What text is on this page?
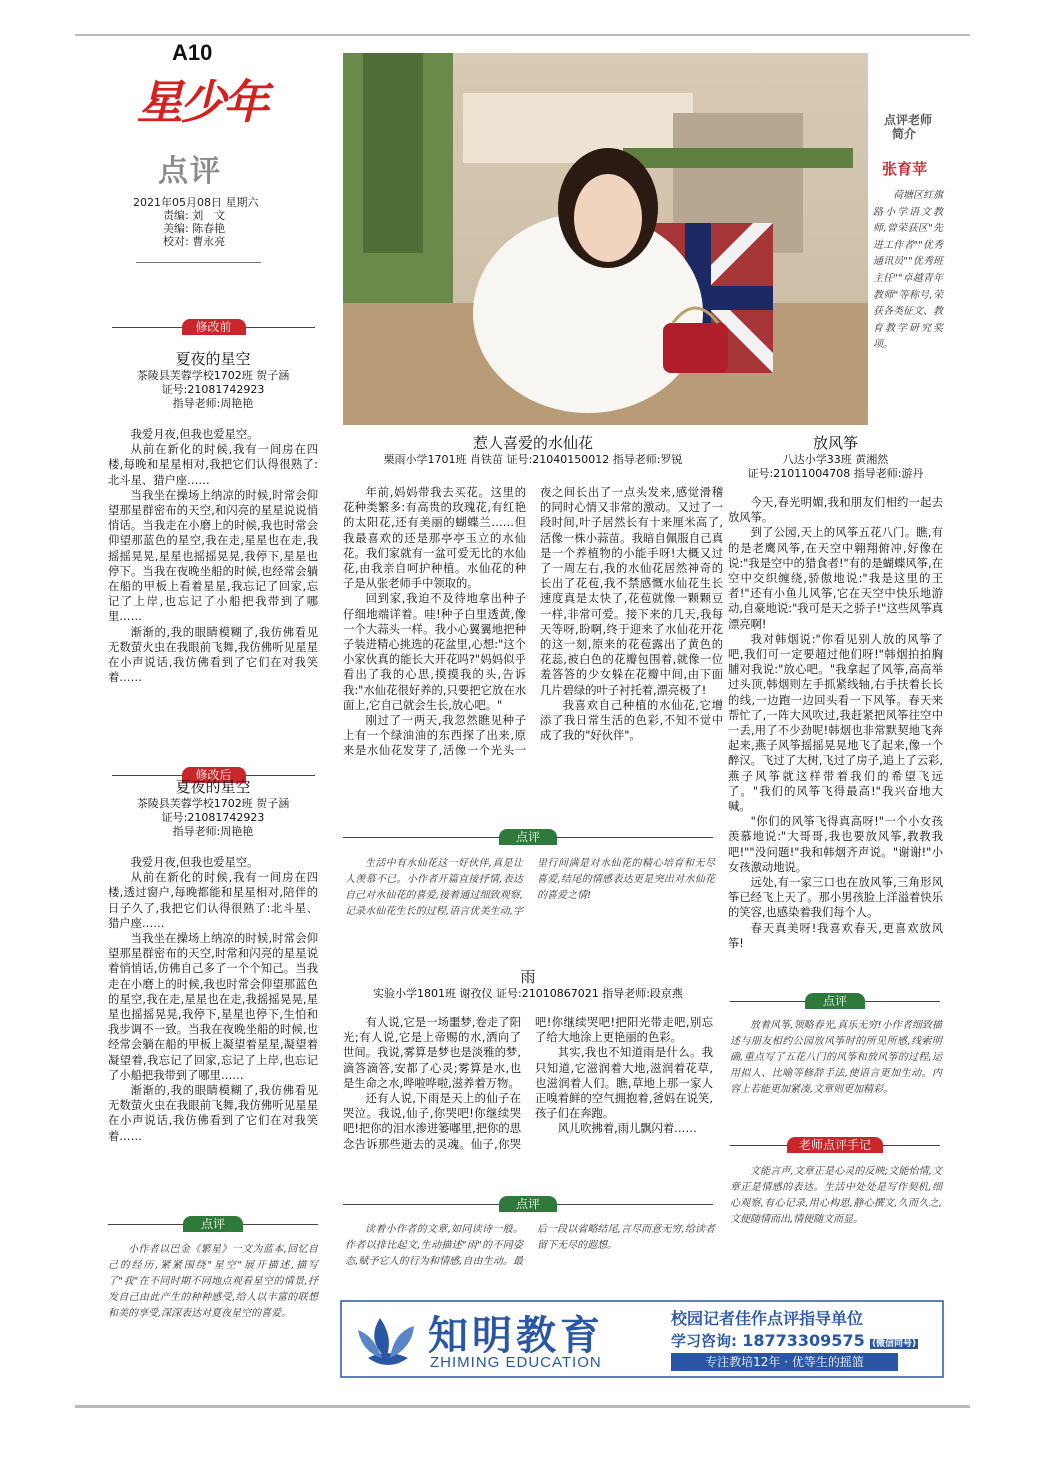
A10
星少年
点评
2021年05月08日 星期六
责编: 刘　文
美编: 陈春艳
校对: 曹永亮
修改前
夏夜的星空
茶陵县芙蓉学校1702班 贺子涵
证号:21081742923
指导老师:周艳艳

我爱月夜,但我也爱星空。

从前在新化的时候,我有一间房在四楼,每晚和星星相对,我把它们认得很熟了:北斗星、猎户座……

当我坐在操场上纳凉的时候,时常会仰望那星群密布的天空,和闪亮的星星说说悄悄话。当我走在小磨上的时候,我也时常会仰望那蓝色的星空,我在走,星星也在走,我摇摇晃晃,星星也摇摇晃晃,我停下,星星也停下。当我在夜晚坐船的时候,也经常会躺在船的甲板上看着星星,我忘记了回家,忘记了上岸,也忘记了小船把我带到了哪里……

渐渐的,我的眼睛模糊了,我仿佛看见无数萤火虫在我眼前飞舞,我仿佛听见星星在小声说话,我仿佛看到了它们在对我笑着……

修改后
夏夜的星空
茶陵县芙蓉学校1702班 贺子涵
证号:21081742923
指导老师:周艳艳

我爱月夜,但我也爱星空。

从前在新化的时候,我有一间房在四楼,透过窗户,每晚都能和星星相对,陪伴的日子久了,我把它们认得很熟了:北斗星、猎户座……

当我坐在操场上纳凉的时候,时常会仰望那星群密布的天空,时常和闪亮的星星说着悄悄话,仿佛自己多了一个个知己。当我走在小磨上的时候,我也时常会仰望那蓝色的星空,我在走,星星也在走,我摇摇晃晃,星星也摇摇晃晃,我停下,星星也停下,生怕和我步调不一致。当我在夜晚坐船的时候,也经常会躺在船的甲板上凝望着星星,凝望着凝望着,我忘记了回家,忘记了上岸,也忘记了小船把我带到了哪里……

渐渐的,我的眼睛模糊了,我仿佛看见无数萤火虫在我眼前飞舞,我仿佛听见星星在小声说话,我仿佛看到了它们在对我笑着……

点评

小作者以巴金《繁星》一文为蓝本,回忆自己的经历,紧紧围绕"星空"展开描述,描写了"我"在不同时期不同地点观看星空的情景,抒发自己由此产生的种种感受,给人以丰富的联想和美的享受,深深表达对夏夜星空的喜爱。

点评老师
简介
张育苹

荷塘区红旗路小学语文教师,曾荣获区"先进工作者""优秀通讯员""优秀班主任""卓越青年教师"等称号,荣获各类征文、教育教学研究奖项。

惹人喜爱的水仙花
栗雨小学1701班 肖铁苗 证号:21040150012 指导老师:罗锐

年前,妈妈带我去买花。这里的花种类繁多:有高贵的玫瑰花,有红艳的太阳花,还有美丽的蝴蝶兰……但我最喜欢的还是那亭亭玉立的水仙花。我们家就有一盆可爱无比的水仙花,由我亲自呵护种植。水仙花的种子是从张老师手中领取的。

回到家,我迫不及待地拿出种子仔细地端详着。哇!种子白里透黄,像一个大蒜头一样。我小心翼翼地把种子装进精心挑选的花盆里,心想:"这个小家伙真的能长大开花吗?"妈妈似乎看出了我的心思,摸摸我的头,告诉我:"水仙花很好养的,只要把它放在水面上,它自己就会生长,放心吧。"

刚过了一两天,我忽然瞧见种子上有一个绿油油的东西探了出来,原来是水仙花发芽了,活像一个光头一夜之间长出了一点头发来,感觉滑稽的同时心情又非常的激动。又过了一段时间,叶子居然长有十来厘米高了,活像一株小蒜苗。我暗自佩服自己真是一个养植物的小能手呀!大概又过了一周左右,我的水仙花居然神奇的长出了花苞,我不禁感慨水仙花生长速度真是太快了,花苞就像一颗颗豆一样,非常可爱。接下来的几天,我每天等呀,盼啊,终于迎来了水仙花开花的这一刻,原来的花苞露出了黄色的花蕊,被白色的花瓣包围着,就像一位羞答答的少女躲在花瓣中间,由下面几片碧绿的叶子衬托着,漂亮极了!

我喜欢自己种植的水仙花,它增添了我日常生活的色彩,不知不觉中成了我的"好伙伴"。

点评

生活中有水仙花这一好伙伴,真是让人羡慕不已。小作者开篇直接抒情,表达自己对水仙花的喜爱,接着通过细致观察,记录水仙花生长的过程,语言优美生动,字里行间满是对水仙花的精心培育和无尽喜爱,结尾的情感表达更是突出对水仙花的喜爱之情!

雨
实验小学1801班 谢孜仪 证号:21010867021 指导老师:段京燕

有人说,它是一场噩梦,卷走了阳光;有人说,它是上帝赐的水,洒向了世间。我说,雾算是梦也是淡雅的梦,滴答滴答,安都了心灵;雾算是水,也是生命之水,哗啦哗啦,滋养着万物。

还有人说,下雨是天上的仙子在哭泣。我说,仙子,你哭吧!你继续哭吧!把你的泪水渗进篓嘟里,把你的思念告诉那些逝去的灵魂。仙子,你哭吧!你继续哭吧!把阳光带走吧,别忘了给大地涂上更艳丽的色彩。

其实,我也不知道雨是什么。我只知道,它滋润着大地,滋润着花草,也滋润着人们。瞧,草地上那一家人正嗅着鲜的空气拥抱着,爸妈在说笑,孩子们在奔跑。

风儿吹拂着,雨儿飘闪着……

点评

读着小作者的文章,如同读诗一般。作者以排比起文,生动描述"雨"的不同姿态,赋予它人的行为和情感,自由生动。最后一段以省略结尾,言尽而意无穷,给读者留下无尽的遐想。

放风筝
八达小学33班 黄湘然
证号:21011004708 指导老师:游丹

今天,春光明媚,我和朋友们相约一起去放风筝。

到了公园,天上的风筝五花八门。瞧,有的是老鹰风筝,在天空中翱翔俯冲,好像在说:"我是空中的猎食者!"有的是蝴蝶风筝,在空中交织缠绕,骄傲地说:"我是这里的王者!"还有小鱼儿风筝,它在天空中快乐地游动,自豪地说:"我可是天之骄子!"这些风筝真漂亮啊!

我对韩烟说:"你看见别人放的风筝了吧,我们可一定要超过他们呀!"韩烟拍拍胸脯对我说:"放心吧。"我拿起了风筝,高高举过头顶,韩烟则左手抓紧线轴,右手扶着长长的线,一边跑一边回头看一下风筝。春天来帮忙了,一阵大风吹过,我赶紧把风筝往空中一丢,用了不少劲呢!韩烟也非常默契地飞奔起来,燕子风筝摇摇晃晃地飞了起来,像一个醉汉。飞过了大树,飞过了房子,追上了云彩,燕子风筝就这样带着我们的希望飞远了。"我们的风筝飞得最高!"我兴奋地大喊。

"你们的风筝飞得真高呀!"一个小女孩羡慕地说:"大哥哥,我也要放风筝,教教我吧!""没问题!"我和韩烟齐声说。"谢谢!"小女孩激动地说。

远处,有一家三口也在放风筝,三角形风筝已经飞上天了。那小男孩脸上洋溢着快乐的笑容,也感染着我们每个人。

春天真美呀!我喜欢春天,更喜欢放风筝!

点评

放着风筝,领略春光,真乐无穷!小作者细致描述与朋友相约公园放风筝时的所见所感,线索明确,重点写了五花八门的风筝和放风筝的过程,运用拟人、比喻等修辞手法,使语言更加生动。内容上若能更加紧凑,文章则更加精彩。

老师点评手记

文能言声,文章正是心灵的反映;文能怡情,文章正是情感的表达。生活中处处是写作契机,细心观察,有心记录,用心构思,静心撰文,久而久之,文便随情而出,情便随文而显。

知明教育
ZHIMING EDUCATION
校园记者佳作点评指导单位
学习咨询: 18773309575 (微信同号)
专注教培12年 · 优等生的摇篮
